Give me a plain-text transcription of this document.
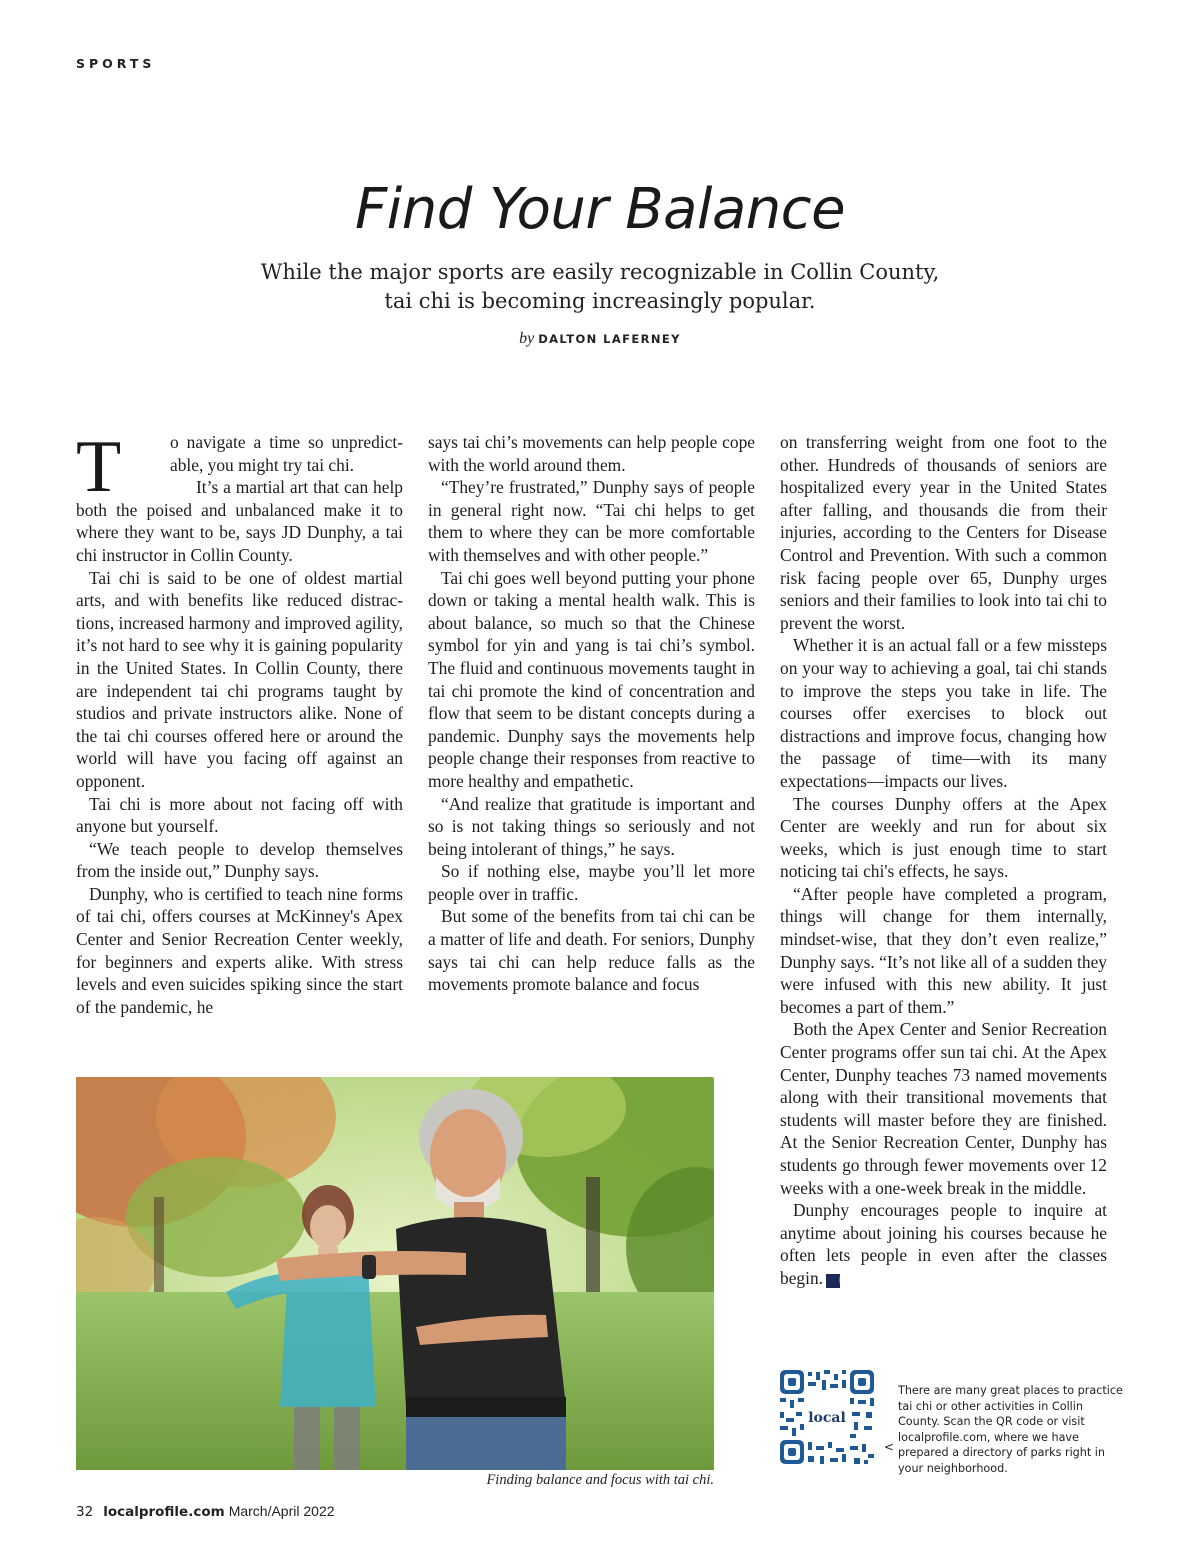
SPORTS
Find Your Balance
While the major sports are easily recognizable in Collin County,
tai chi is becoming increasingly popular.
by DALTON LAFERNEY
T	o navigate a time so unpredictable, you might try tai chi.

It’s a martial art that can help both the poised and unbalanced make it to where they want to be, says JD Dunphy, a tai chi instructor in Collin County.

Tai chi is said to be one of oldest martial arts, and with benefits like reduced distractions, increased harmony and improved agility, it’s not hard to see why it is gaining popularity in the United States. In Collin County, there are independent tai chi programs taught by studios and private instructors alike. None of the tai chi courses offered here or around the world will have you facing off against an opponent.

Tai chi is more about not facing off with anyone but yourself.

“We teach people to develop themselves from the inside out,” Dunphy says.

Dunphy, who is certified to teach nine forms of tai chi, offers courses at McKinney's Apex Center and Senior Recreation Center weekly, for beginners and experts alike. With stress levels and even suicides spiking since the start of the pandemic, he

says tai chi’s movements can help people cope with the world around them.

“They’re frustrated,” Dunphy says of people in general right now. “Tai chi helps to get them to where they can be more comfortable with themselves and with other people.”

Tai chi goes well beyond putting your phone down or taking a mental health walk. This is about balance, so much so that the Chinese symbol for yin and yang is tai chi’s symbol. The fluid and continuous movements taught in tai chi promote the kind of concentration and flow that seem to be distant concepts during a pandemic. Dunphy says the movements help people change their responses from reactive to more healthy and empathetic.

“And realize that gratitude is important and so is not taking things so seriously and not being intolerant of things,” he says.

So if nothing else, maybe you’ll let more people over in traffic.

But some of the benefits from tai chi can be a matter of life and death. For seniors, Dunphy says tai chi can help reduce falls as the movements promote balance and focus

on transferring weight from one foot to the other. Hundreds of thousands of seniors are hospitalized every year in the United States after falling, and thousands die from their injuries, according to the Centers for Disease Control and Prevention. With such a common risk facing people over 65, Dunphy urges seniors and their families to look into tai chi to prevent the worst.

Whether it is an actual fall or a few missteps on your way to achieving a goal, tai chi stands to improve the steps you take in life. The courses offer exercises to block out distractions and improve focus, changing how the passage of time—with its many expectations—impacts our lives.

The courses Dunphy offers at the Apex Center are weekly and run for about six weeks, which is just enough time to start noticing tai chi's effects, he says.

“After people have completed a program, things will change for them internally, mindset-wise, that they don’t even realize,” Dunphy says. “It’s not like all of a sudden they were infused with this new ability. It just becomes a part of them.”

Both the Apex Center and Senior Recreation Center programs offer sun tai chi. At the Apex Center, Dunphy teaches 73 named movements along with their transitional movements that students will master before they are finished. At the Senior Recreation Center, Dunphy has students go through fewer movements over 12 weeks with a one-week break in the middle.

Dunphy encourages people to inquire at anytime about joining his courses because he often lets people in even after the classes begin. LP

Finding balance and focus with tai chi.
local
<
There are many great places to practice tai chi or other activities in Collin County. Scan the QR code or visit localprofile.com, where we have prepared a directory of parks right in your neighborhood.
32 localprofile.com March/April 2022
